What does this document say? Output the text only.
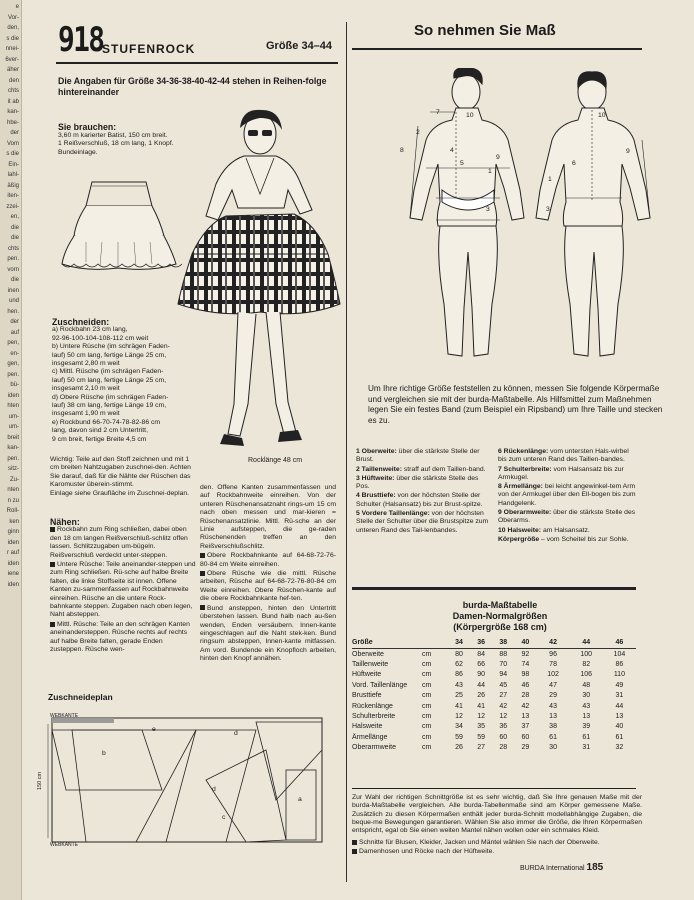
e
Vor-
den,
s die
nnei-
6ver-
äher
den
chts
it ab
kan-
hbe-
der
Vom
s die
Ein-
lahl-
äßig
iten-
zzei-
en,
die
die
chts
pen.
vorn
die
inen
und
hen.
der
auf
pen,
en-
gen,
pen.
bü-
iden
hten
um-
um-
breit
kan-
pen.
sitz-
Zu-
nten
n zu
Roll-
ken
ginn
iden
r auf
iden
iene
iden
918
STUFENROCK	Größe 34–44
Die Angaben für Größe 34-36-38-40-42-44 stehen in Reihen-folge hintereinander
Sie brauchen:
3,60 m karierter Batist, 150 cm breit.
1 Reißverschluß, 18 cm lang, 1 Knopf.
Bundeinlage.
Zuschneiden:

a) Rockbahn 23 cm lang,

92-96-100-104-108-112 cm weit

b) Untere Rüsche (im schrägen Faden-

lauf) 50 cm lang, fertige Länge 25 cm,

insgesamt 2,80 m weit

c) Mittl. Rüsche (im schrägen Faden-

lauf) 50 cm lang, fertige Länge 25 cm,

insgesamt 2,10 m weit

d) Obere Rüsche (im schrägen Faden-

lauf) 38 cm lang, fertige Länge 19 cm,

insgesamt 1,90 m weit

e) Rockbund 66-70-74-78-82-86 cm

lang, davon sind 2 cm Untertritt,

9 cm breit, fertige Breite 4,5 cm

Rocklänge 48 cm
Wichtig: Teile auf den Stoff zeichnen und mit 1 cm breiten Nahtzugaben zuschnei-den. Achten Sie darauf, daß für die Nähte der Rüschen das Karomuster überein-stimmt.
Einlage siehe Graufläche im Zuschnei-deplan.
Nähen:

Rockbahn zum Ring schließen, dabei oben den 18 cm langen Reißverschluß-schlitz offen lassen. Schlitzzugaben um-bügeln. Reißverschluß verdeckt unter-steppen.

Untere Rüsche: Teile aneinander-steppen und zum Ring schließen. Rü-sche auf halbe Breite falten, die linke Stoffseite ist innen. Offene Kanten zu-sammenfassen auf Rockbahnweite einreihen. Rüsche an die untere Rock-bahnkante steppen. Zugaben nach oben legen, Naht absteppen.

Mittl. Rüsche: Teile an den schrägen Kanten aneinandersteppen. Rüsche rechts auf rechts auf halbe Breite falten, gerade Enden zusteppen. Rüsche wen-

den. Offene Kanten zusammenfassen und auf Rockbahnweite einreihen. Von der unteren Rüschenansatznaht rings-um 15 cm nach oben messen und mar-kieren = Rüschenansatzlinie. Mittl. Rü-sche an der Linie aufsteppen, die ge-raden Rüschenenden treffen an den Reißverschlußschlitz.

Obere Rockbahnkante auf 64-68-72-76-80-84 cm Weite einreihen.

Obere Rüsche wie die mittl. Rüsche arbeiten, Rüsche auf 64-68-72-76-80-84 cm Weite einreihen. Obere Rüschen-kante auf die obere Rockbahnkante hef-ten.

Bund ansteppen, hinten den Untertritt überstehen lassen. Bund halb nach au-ßen wenden, Enden versäubern. Innen-kante eingeschlagen auf die Naht stek-ken. Bund ringsum absteppen, Innen-kante mitfassen. Am vord. Bundende ein Knopfloch arbeiten, hinten den Knopf annähen.

Zuschneideplan
WEBKANTE
WEBKANTE
150 cm
e
b
d
d
c
a
So nehmen Sie Maß
7	10
2
8	4
5
9
1
3
6
10
9
1
3
Um Ihre richtige Größe feststellen zu können, messen Sie folgende Körpermaße und vergleichen sie mit der burda-Maßtabelle. Als Hilfsmittel zum Maßnehmen legen Sie ein festes Band (zum Beispiel ein Ripsband) um Ihre Taille und stecken es zu.
1 Oberweite: über die stärkste Stelle der Brust.
2 Taillenweite: straff auf dem Taillen-band.
3 Hüftweite: über die stärkste Stelle des Pos.
4 Brusttiefe: von der höchsten Stelle der Schulter (Halsansatz) bis zur Brust-spitze.
5 Vordere Taillenlänge: von der höchsten Stelle der Schulter über die Brustspitze zum unteren Rand des Tail-lenbandes.
6 Rückenlänge: vom untersten Hals-wirbel bis zum unteren Rand des Taillen-bandes.
7 Schulterbreite: vom Halsansatz bis zur Armkugel.
8 Ärmellänge: bei leicht angewinkel-tem Arm von der Armkugel über den Ell-bogen bis zum Handgelenk.
9 Oberarmweite: über die stärkste Stelle des Oberarms.
10 Halsweite: am Halsansatz.
Körpergröße – vom Scheitel bis zur Sohle.
burda-Maßtabelle
Damen-Normalgrößen
(Körpergröße 168 cm)
Größe		34	36	38	40	42	44	46
Oberweite	cm	80	84	88	92	96	100	104
Taillenweite	cm	62	66	70	74	78	82	86
Hüftweite	cm	86	90	94	98	102	106	110
Vord. Taillenlänge	cm	43	44	45	46	47	48	49
Brusttiefe	cm	25	26	27	28	29	30	31
Rückenlänge	cm	41	41	42	42	43	43	44
Schulterbreite	cm	12	12	12	13	13	13	13
Halsweite	cm	34	35	36	37	38	39	40
Ärmellänge	cm	59	59	60	60	61	61	61
Oberarmweite	cm	26	27	28	29	30	31	32
Zur Wahl der richtigen Schnittgröße ist es sehr wichtig, daß Sie Ihre genauen Maße mit der burda-Maßtabelle vergleichen. Alle burda-Tabellenmaße sind am Körper gemessene Maße. Zusätzlich zu diesen Körpermaßen enthält jeder burda-Schnitt modellabhängige Zugaben, die beque-me Bewegungen garantieren. Wählen Sie also immer die Größe, die Ihren Körpermaßen entspricht, egal ob Sie einen weiten Mantel nähen wollen oder ein schmales Kleid.
Schnitte für Blusen, Kleider, Jacken und Mäntel wählen Sie nach der Oberweite.
Damenhosen und Röcke nach der Hüftweite.
BURDA International 185
